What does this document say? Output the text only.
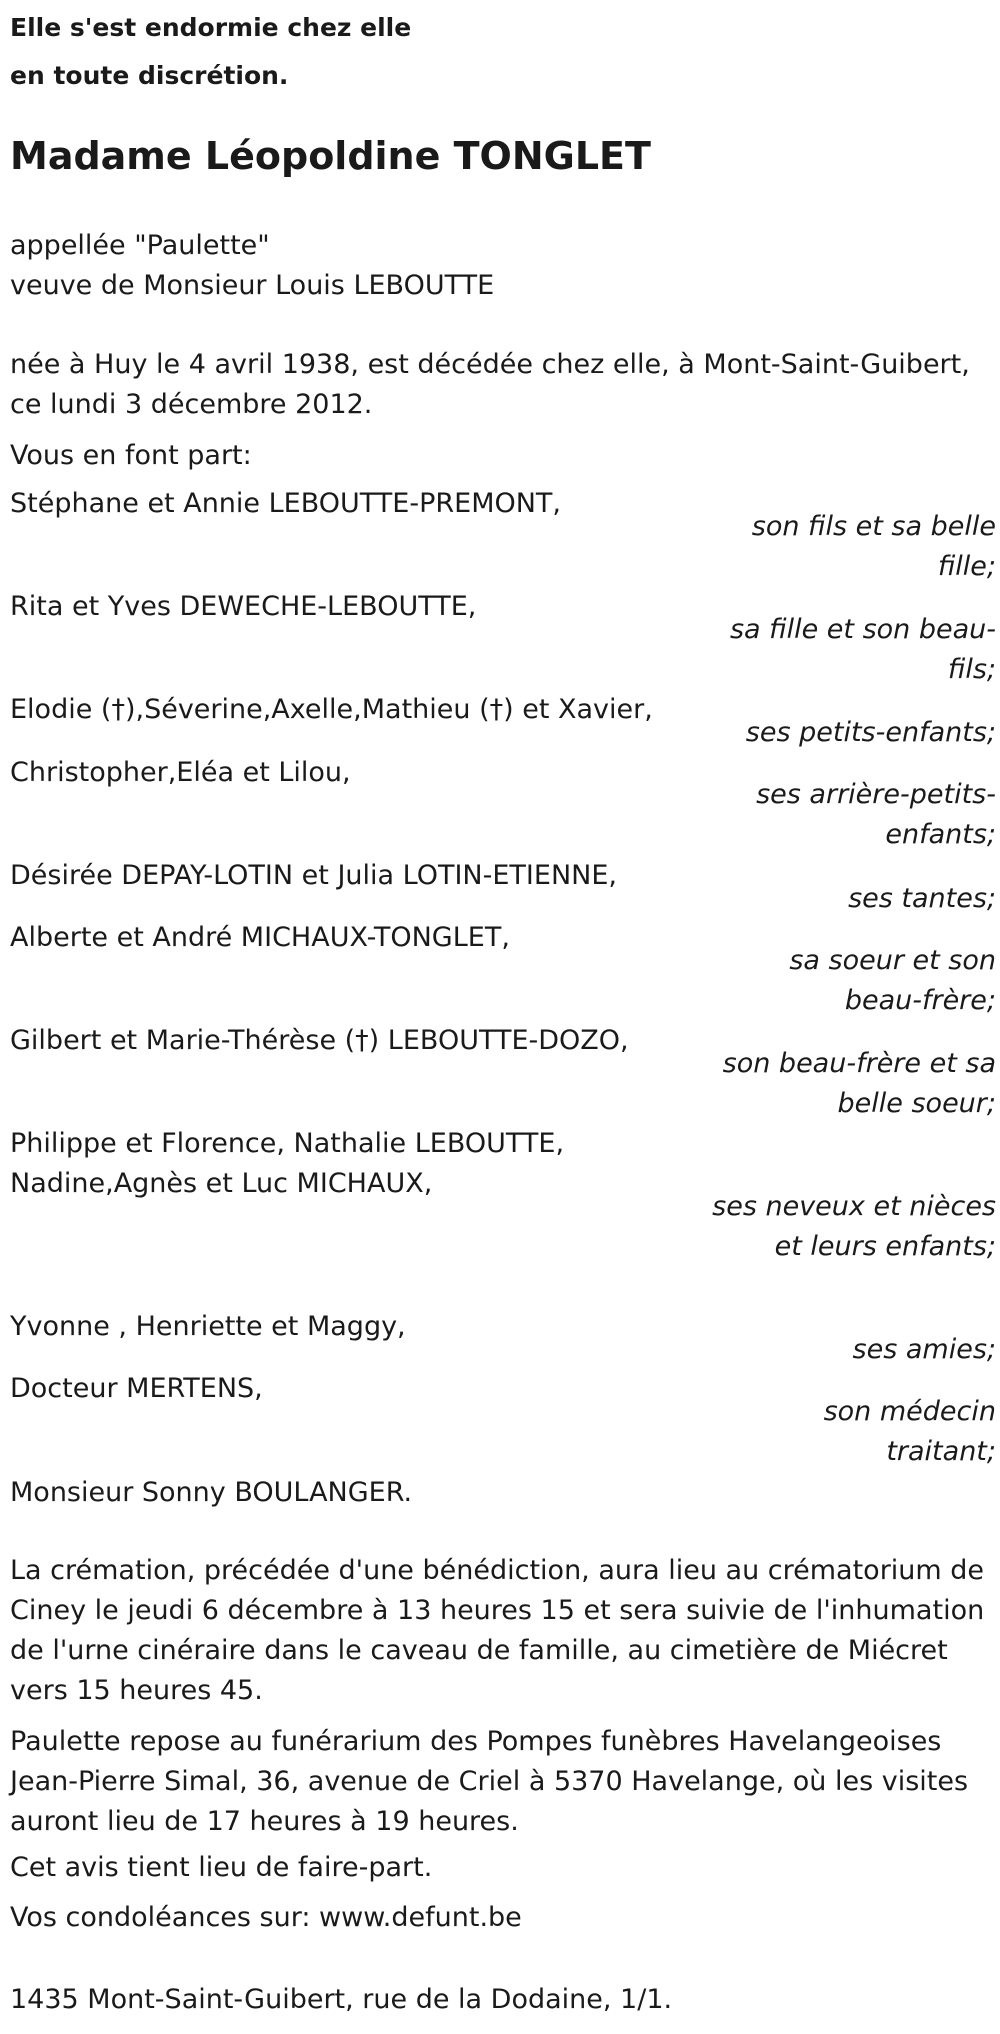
Elle s'est endormie chez elle
en toute discrétion.
Madame Léopoldine TONGLET
appellée "Paulette"
veuve de Monsieur Louis LEBOUTTE
née à Huy le 4 avril 1938, est décédée chez elle, à Mont-Saint-Guibert, ce lundi 3 décembre 2012.
Vous en font part:
Stéphane et Annie LEBOUTTE-PREMONT,
son fils et sa belle fille;
Rita et Yves DEWECHE-LEBOUTTE,
sa fille et son beau-fils;
Elodie (†),Séverine,Axelle,Mathieu (†) et Xavier,
ses petits-enfants;
Christopher,Eléa et Lilou,
ses arrière-petits-enfants;
Désirée DEPAY-LOTIN et Julia LOTIN-ETIENNE,
ses tantes;
Alberte et André MICHAUX-TONGLET,
sa soeur et son beau-frère;
Gilbert et Marie-Thérèse (†) LEBOUTTE-DOZO,
son beau-frère et sa belle soeur;
Philippe et Florence, Nathalie LEBOUTTE,
Nadine,Agnès et Luc MICHAUX,
ses neveux et nièces et leurs enfants;
Yvonne , Henriette et Maggy,
ses amies;
Docteur MERTENS,
son médecin traitant;
Monsieur Sonny BOULANGER.
La crémation, précédée d'une bénédiction, aura lieu au crématorium de Ciney le jeudi 6 décembre à 13 heures 15 et sera suivie de l'inhumation de l'urne cinéraire dans le caveau de famille, au cimetière de Miécret vers 15 heures 45.
Paulette repose au funérarium des Pompes funèbres Havelangeoises Jean-Pierre Simal, 36, avenue de Criel à 5370 Havelange, où les visites auront lieu de 17 heures à 19 heures.
Cet avis tient lieu de faire-part.
Vos condoléances sur: www.defunt.be
1435 Mont-Saint-Guibert, rue de la Dodaine, 1/1.
